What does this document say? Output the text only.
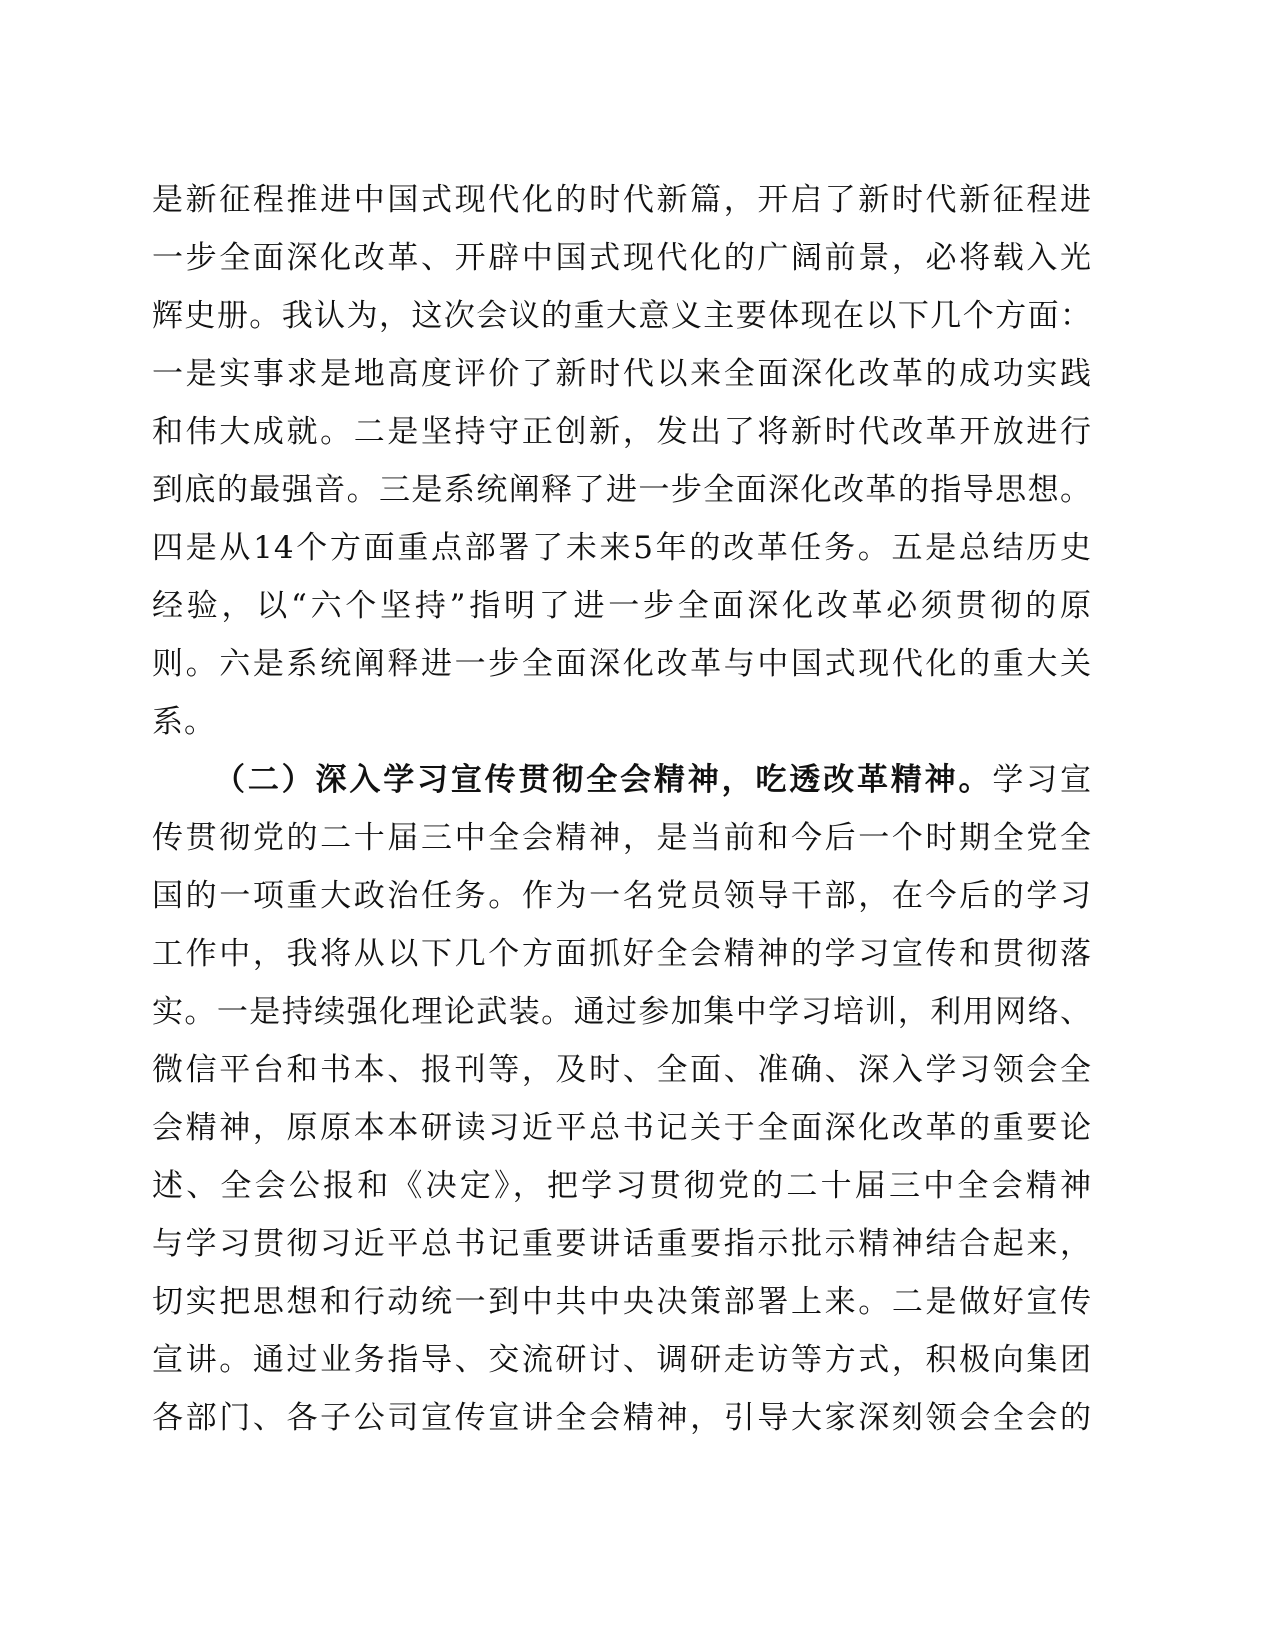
是新征程推进中国式现代化的时代新篇，开启了新时代新征程进
一步全面深化改革、开辟中国式现代化的广阔前景，必将载入光
辉史册。我认为，这次会议的重大意义主要体现在以下几个方面：
一是实事求是地高度评价了新时代以来全面深化改革的成功实践
和伟大成就。二是坚持守正创新，发出了将新时代改革开放进行
到底的最强音。三是系统阐释了进一步全面深化改革的指导思想。
四是从14个方面重点部署了未来5年的改革任务。五是总结历史
经验，以“六个坚持”指明了进一步全面深化改革必须贯彻的原
则。六是系统阐释进一步全面深化改革与中国式现代化的重大关
系。
（二）深入学习宣传贯彻全会精神，吃透改革精神。学习宣
传贯彻党的二十届三中全会精神，是当前和今后一个时期全党全
国的一项重大政治任务。作为一名党员领导干部，在今后的学习
工作中，我将从以下几个方面抓好全会精神的学习宣传和贯彻落
实。一是持续强化理论武装。通过参加集中学习培训，利用网络、
微信平台和书本、报刊等，及时、全面、准确、深入学习领会全
会精神，原原本本研读习近平总书记关于全面深化改革的重要论
述、全会公报和《决定》，把学习贯彻党的二十届三中全会精神
与学习贯彻习近平总书记重要讲话重要指示批示精神结合起来，
切实把思想和行动统一到中共中央决策部署上来。二是做好宣传
宣讲。通过业务指导、交流研讨、调研走访等方式，积极向集团
各部门、各子公司宣传宣讲全会精神，引导大家深刻领会全会的
